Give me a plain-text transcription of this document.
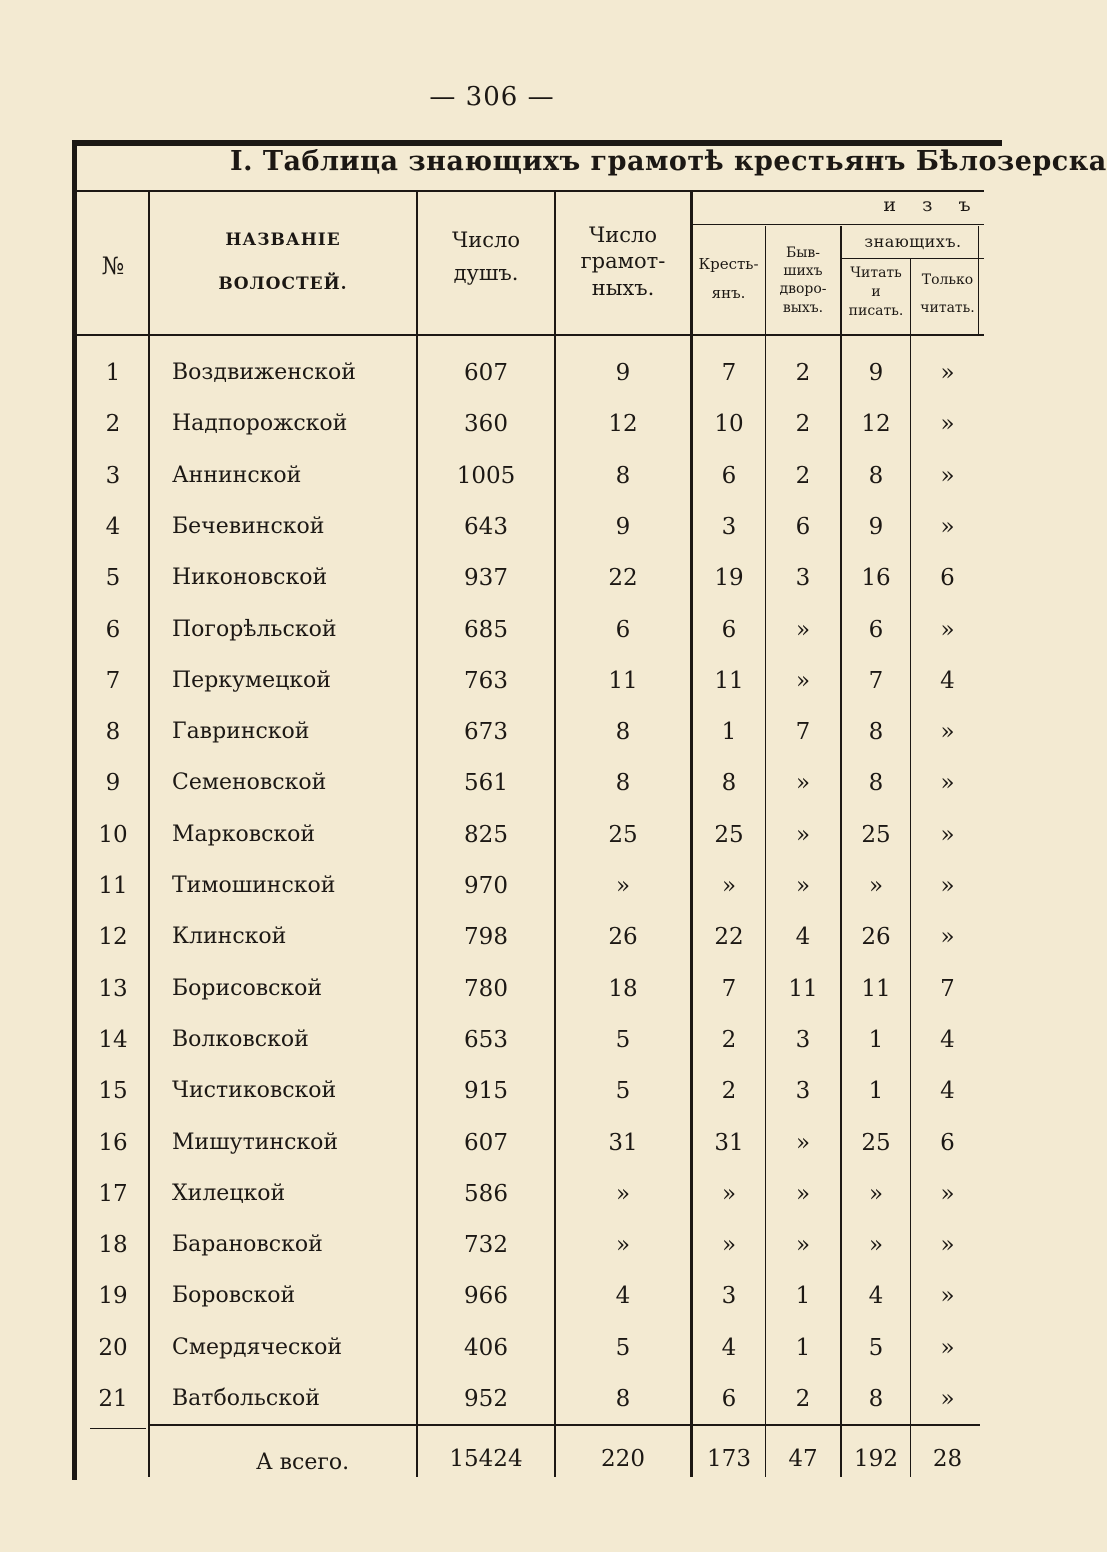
— 306 —
I. Таблица знающихъ грамотѣ крестьянъ Бѣлозерска
№
НАЗВАНІЕ
ВОЛОСТЕЙ.
Число
душъ.
Число
грамот-
ныхъ.
и з ъ
Кресть-
янъ.
Быв-
шихъ
дворо-
выхъ.
знающихъ.
Читать
и
писать.
Только
читать.
1	Воздвиженской	607	9	7	2	9	»
2	Надпорожской	360	12	10	2	12	»
3	Аннинской	1005	8	6	2	8	»
4	Бечевинской	643	9	3	6	9	»
5	Никоновской	937	22	19	3	16	6
6	Погорѣльской	685	6	6	»	6	»
7	Перкумецкой	763	11	11	»	7	4
8	Гавринской	673	8	1	7	8	»
9	Семеновской	561	8	8	»	8	»
10	Марковской	825	25	25	»	25	»
11	Тимошинской	970	»	»	»	»	»
12	Клинской	798	26	22	4	26	»
13	Борисовской	780	18	7	11	11	7
14	Волковской	653	5	2	3	1	4
15	Чистиковской	915	5	2	3	1	4
16	Мишутинской	607	31	31	»	25	6
17	Хилецкой	586	»	»	»	»	»
18	Барановской	732	»	»	»	»	»
19	Боровской	966	4	3	1	4	»
20	Смердяческой	406	5	4	1	5	»
21	Ватбольской	952	8	6	2	8	»
А всего.	15424	220	173	47	192	28
